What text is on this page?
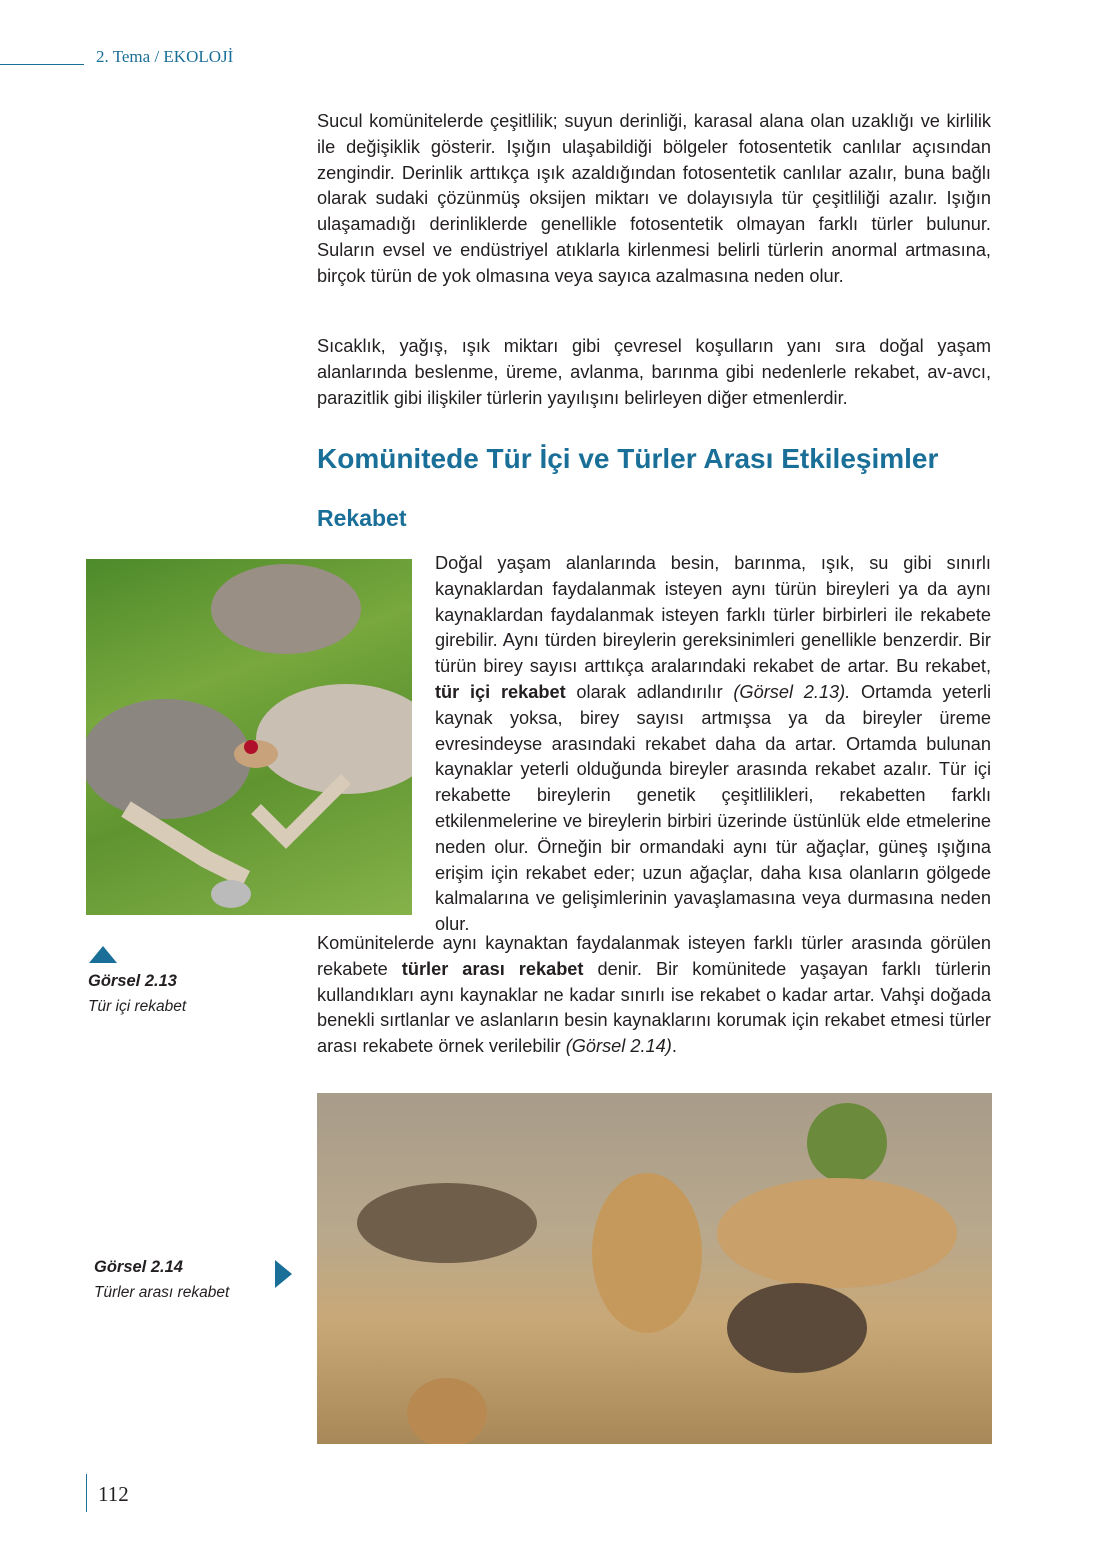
2. Tema / EKOLOJİ
Sucul komünitelerde çeşitlilik; suyun derinliği, karasal alana olan uzaklığı ve kirlilik ile değişiklik gösterir. Işığın ulaşabildiği bölgeler fotosentetik canlılar açısından zengindir. Derinlik arttıkça ışık azaldığından fotosentetik canlılar azalır, buna bağlı olarak sudaki çözünmüş oksijen miktarı ve dolayısıyla tür çeşitliliği azalır. Işığın ulaşamadığı derinliklerde genellikle fotosentetik olmayan farklı türler bulunur. Suların evsel ve endüstriyel atıklarla kirlenmesi belirli türlerin anormal artmasına, birçok türün de yok olmasına veya sayıca azalmasına neden olur.
Sıcaklık, yağış, ışık miktarı gibi çevresel koşulların yanı sıra doğal yaşam alanlarında beslenme, üreme, avlanma, barınma gibi nedenlerle rekabet, av-avcı, parazitlik gibi ilişkiler türlerin yayılışını belirleyen diğer etmenlerdir.
Komünitede Tür İçi ve Türler Arası Etkileşimler
Rekabet
Doğal yaşam alanlarında besin, barınma, ışık, su gibi sınırlı kaynaklardan faydalanmak isteyen aynı türün bireyleri ya da aynı kaynaklardan faydalanmak isteyen farklı türler birbirleri ile rekabete girebilir. Aynı türden bireylerin gereksinimleri genellikle benzerdir. Bir türün birey sayısı arttıkça aralarındaki rekabet de artar. Bu rekabet, tür içi rekabet olarak adlandırılır (Görsel 2.13). Ortamda yeterli kaynak yoksa, birey sayısı artmışsa ya da bireyler üreme evresindeyse arasındaki rekabet daha da artar. Ortamda bulunan kaynaklar yeterli olduğunda bireyler arasında rekabet azalır. Tür içi rekabette bireylerin genetik çeşitlilikleri, rekabetten farklı etkilenmelerine ve bireylerin birbiri üzerinde üstünlük elde etmelerine neden olur. Örneğin bir ormandaki aynı tür ağaçlar, güneş ışığına erişim için rekabet eder; uzun ağaçlar, daha kısa olanların gölgede kalmalarına ve gelişimlerinin yavaşlamasına veya durmasına neden olur.
Görsel 2.13
Tür içi rekabet
Komünitelerde aynı kaynaktan faydalanmak isteyen farklı türler arasında görülen rekabete türler arası rekabet denir. Bir komünitede yaşayan farklı türlerin kullandıkları aynı kaynaklar ne kadar sınırlı ise rekabet o kadar artar. Vahşi doğada benekli sırtlanlar ve aslanların besin kaynaklarını korumak için rekabet etmesi türler arası rekabete örnek verilebilir (Görsel 2.14).
Görsel 2.14
Türler arası rekabet
112
